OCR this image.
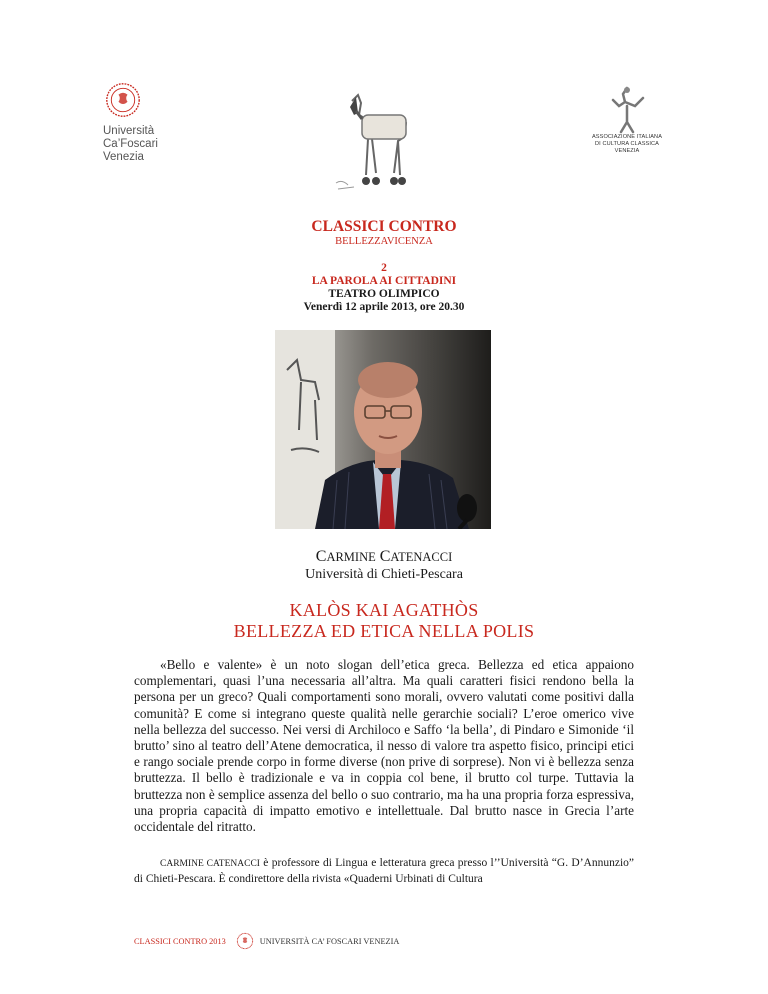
Università
Ca’Foscari
Venezia
ASSOCIAZIONE ITALIANA
DI CULTURA CLASSICA
VENEZIA
CLASSICI CONTRO
BELLEZZAVICENZA
2
LA PAROLA AI CITTADINI
TEATRO OLIMPICO
Venerdì 12 aprile 2013, ore 20.30
CARMINE CATENACCI
Università di Chieti-Pescara
KALÒS KAI AGATHÒS
BELLEZZA ED ETICA NELLA POLIS

«Bello e valente» è un noto slogan dell’etica greca. Bellezza ed etica appaiono complementari, quasi l’una necessaria all’altra. Ma quali caratteri fisici rendono bella la persona per un greco? Quali comportamenti sono morali, ovvero valutati come positivi dalla comunità? E come si integrano queste qualità nelle gerarchie sociali? L’eroe omerico vive nella bellezza del successo. Nei versi di Archiloco e Saffo ‘la bella’, di Pindaro e Simonide ‘il brutto’ sino al teatro dell’Atene democratica, il nesso di valore tra aspetto fisico, principi etici e rango sociale prende corpo in forme diverse (non prive di sorprese). Non vi è bellezza senza bruttezza. Il bello è tradizionale e va in coppia col bene, il brutto col turpe. Tuttavia la bruttezza non è semplice assenza del bello o suo contrario, ma ha una propria forza espressiva, una propria capacità di impatto emotivo e intellettuale. Dal brutto nasce in Grecia l’arte occidentale del ritratto.

CARMINE CATENACCI è professore di Lingua e letteratura greca presso l’’Università “G. D’Annunzio” di Chieti-Pescara. È condirettore della rivista «Quaderni Urbinati di Cultura

CLASSICI CONTRO 2013	UNIVERSITÀ CA’ FOSCARI VENEZIA
